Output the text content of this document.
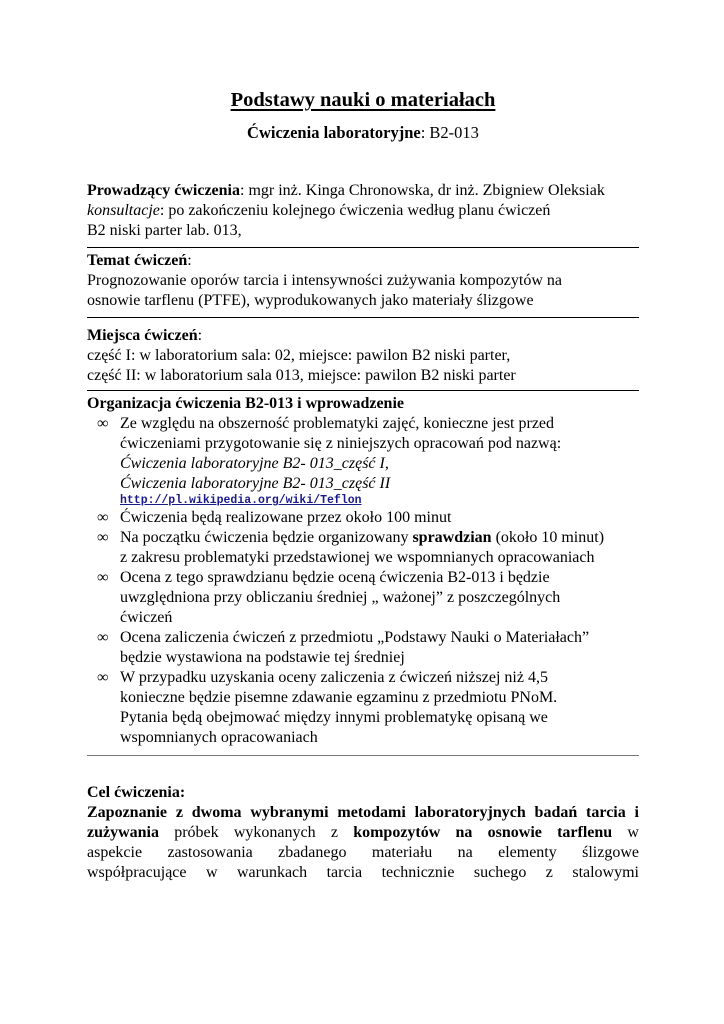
Podstawy nauki o materiałach
Ćwiczenia laboratoryjne: B2-013

Prowadzący ćwiczenia: mgr inż. Kinga Chronowska, dr inż. Zbigniew Oleksiak

konsultacje: po zakończeniu kolejnego ćwiczenia według planu ćwiczeń

B2 niski parter lab. 013,

Temat ćwiczeń:

Prognozowanie oporów tarcia i intensywności zużywania kompozytów na

osnowie tarflenu (PTFE), wyprodukowanych jako materiały ślizgowe

Miejsca ćwiczeń:

część I: w laboratorium sala: 02, miejsce: pawilon B2 niski parter,

część II: w laboratorium sala 013, miejsce: pawilon B2 niski parter

Organizacja ćwiczenia B2-013 i wprowadzenie

∞ Ze względu na obszerność problematyki zajęć, konieczne jest przed

ćwiczeniami przygotowanie się z niniejszych opracowań pod nazwą:

Ćwiczenia laboratoryjne B2- 013_część I,

Ćwiczenia laboratoryjne B2- 013_część II

http://pl.wikipedia.org/wiki/Teflon

∞ Ćwiczenia będą realizowane przez około 100 minut

∞ Na początku ćwiczenia będzie organizowany sprawdzian (około 10 minut)

z zakresu problematyki przedstawionej we wspomnianych opracowaniach

∞ Ocena z tego sprawdzianu będzie oceną ćwiczenia B2-013 i będzie

uwzględniona przy obliczaniu średniej „ ważonej” z poszczególnych

ćwiczeń

∞ Ocena zaliczenia ćwiczeń z przedmiotu „Podstawy Nauki o Materiałach”

będzie wystawiona na podstawie tej średniej

∞ W przypadku uzyskania oceny zaliczenia z ćwiczeń niższej niż 4,5

konieczne będzie pisemne zdawanie egzaminu z przedmiotu PNoM.

Pytania będą obejmować między innymi problematykę opisaną we

wspomnianych opracowaniach

Cel ćwiczenia:

Zapoznanie z dwoma wybranymi metodami laboratoryjnych badań tarcia i

zużywania próbek wykonanych z kompozytów na osnowie tarflenu w

aspekcie zastosowania zbadanego materiału na elementy ślizgowe

współpracujące w warunkach tarcia technicznie suchego z stalowymi
